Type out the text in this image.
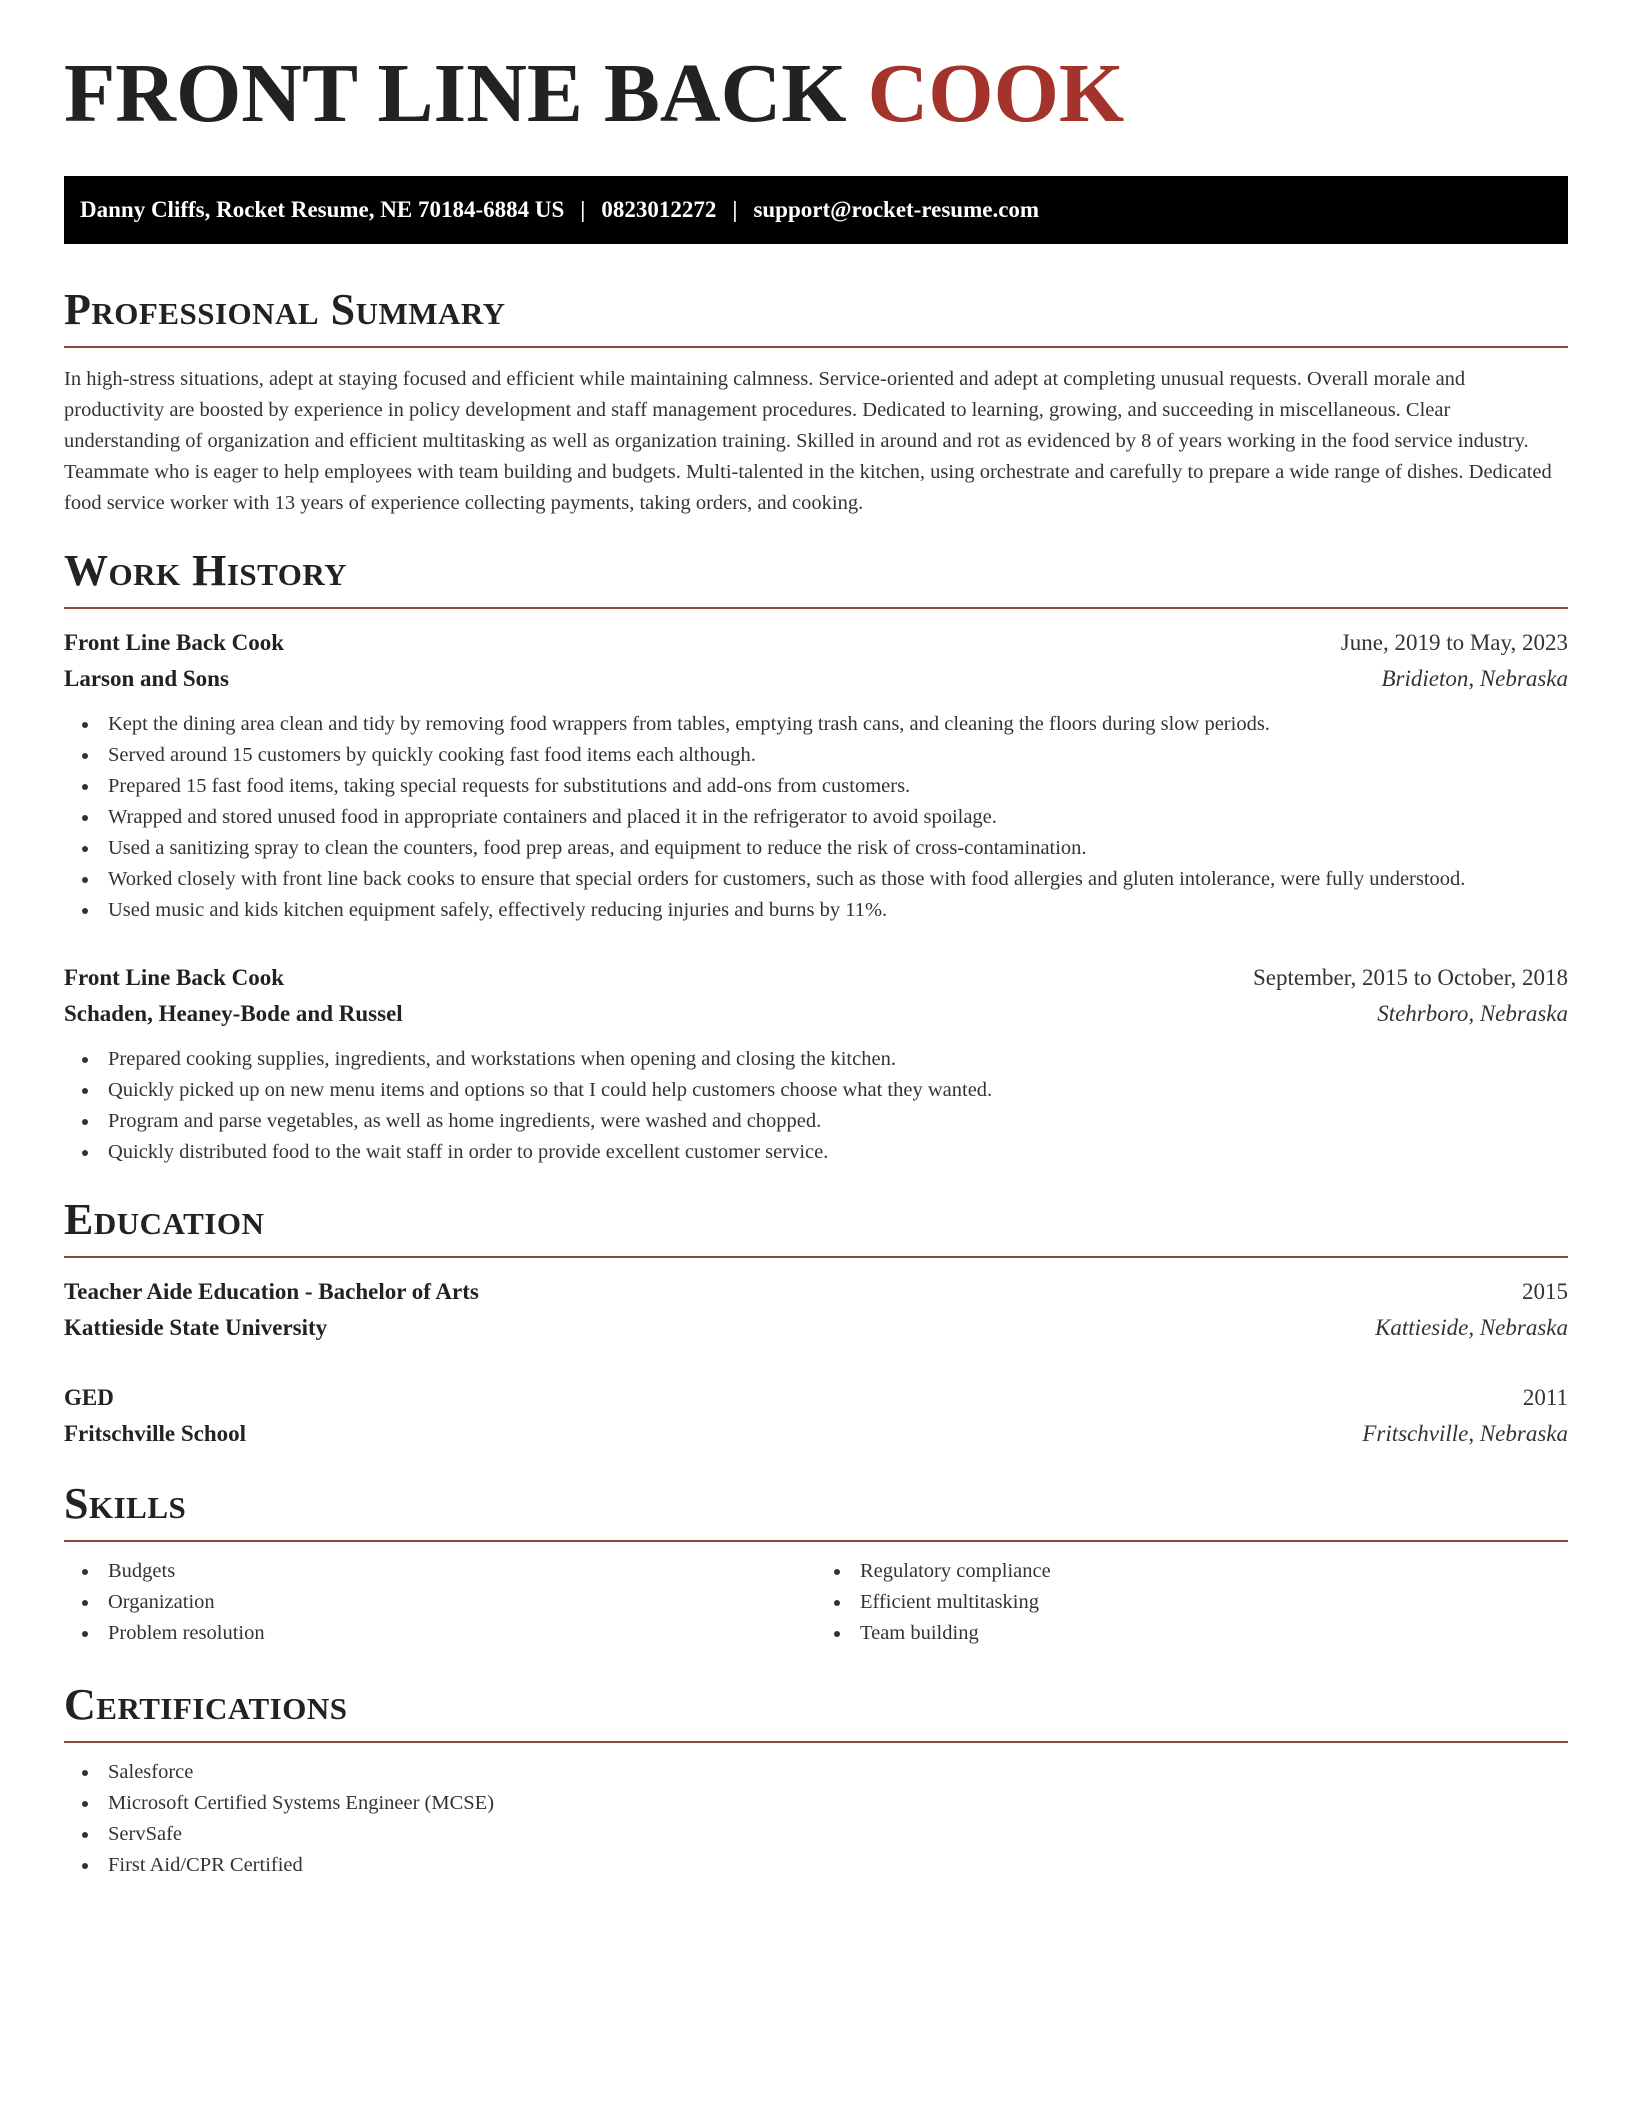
FRONT LINE BACK COOK
Danny Cliffs, Rocket Resume, NE 70184-6884 US | 0823012272 | support@rocket-resume.com
Professional Summary

In high-stress situations, adept at staying focused and efficient while maintaining calmness. Service-oriented and adept at completing unusual requests. Overall morale and productivity are boosted by experience in policy development and staff management procedures. Dedicated to learning, growing, and succeeding in miscellaneous. Clear understanding of organization and efficient multitasking as well as organization training. Skilled in around and rot as evidenced by 8 of years working in the food service industry. Teammate who is eager to help employees with team building and budgets. Multi-talented in the kitchen, using orchestrate and carefully to prepare a wide range of dishes. Dedicated food service worker with 13 years of experience collecting payments, taking orders, and cooking.

Work History
Front Line Back Cook	June, 2019 to May, 2023
Larson and Sons	Bridieton, Nebraska
Kept the dining area clean and tidy by removing food wrappers from tables, emptying trash cans, and cleaning the floors during slow periods.
Served around 15 customers by quickly cooking fast food items each although.
Prepared 15 fast food items, taking special requests for substitutions and add-ons from customers.
Wrapped and stored unused food in appropriate containers and placed it in the refrigerator to avoid spoilage.
Used a sanitizing spray to clean the counters, food prep areas, and equipment to reduce the risk of cross-contamination.
Worked closely with front line back cooks to ensure that special orders for customers, such as those with food allergies and gluten intolerance, were fully understood.
Used music and kids kitchen equipment safely, effectively reducing injuries and burns by 11%.
Front Line Back Cook	September, 2015 to October, 2018
Schaden, Heaney-Bode and Russel	Stehrboro, Nebraska
Prepared cooking supplies, ingredients, and workstations when opening and closing the kitchen.
Quickly picked up on new menu items and options so that I could help customers choose what they wanted.
Program and parse vegetables, as well as home ingredients, were washed and chopped.
Quickly distributed food to the wait staff in order to provide excellent customer service.
Education
Teacher Aide Education - Bachelor of Arts	2015
Kattieside State University	Kattieside, Nebraska
GED	2011
Fritschville School	Fritschville, Nebraska
Skills
Budgets
Organization
Problem resolution
Regulatory compliance
Efficient multitasking
Team building
Certifications
Salesforce
Microsoft Certified Systems Engineer (MCSE)
ServSafe
First Aid/CPR Certified
